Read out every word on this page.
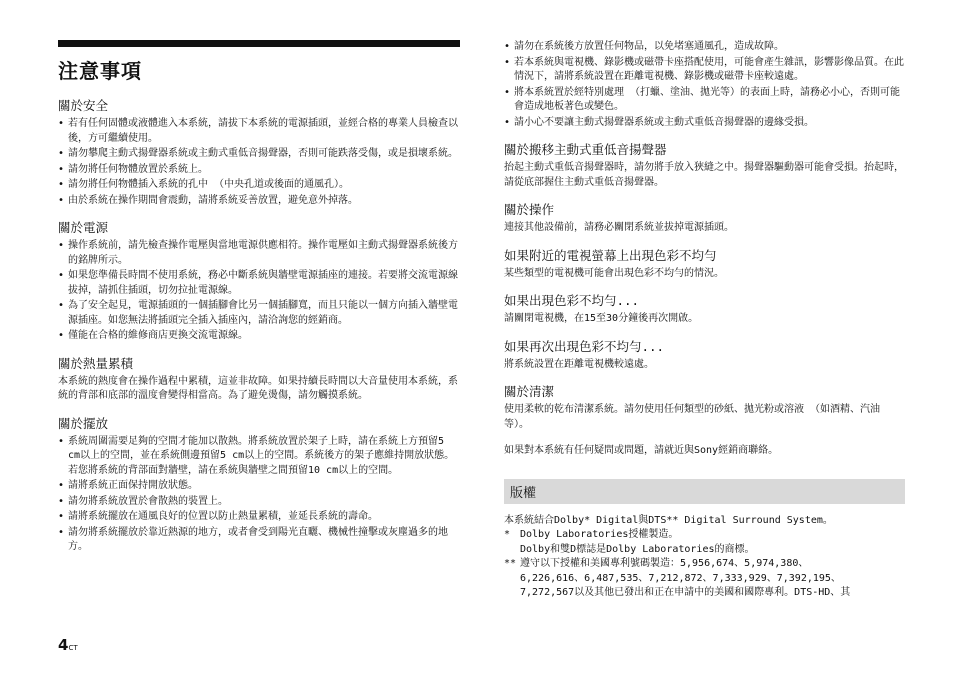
注意事項
關於安全
• 若有任何固體或液體進入本系統，請拔下本系統的電源插頭，並經合格的專業人員檢查以後，方可繼續使用。
• 請勿攀爬主動式揚聲器系統或主動式重低音揚聲器，否則可能跌落受傷，或是損壞系統。
• 請勿將任何物體放置於系統上。
• 請勿將任何物體插入系統的孔中 （中央孔道或後面的通風孔）。
• 由於系統在操作期間會震動，請將系統妥善放置，避免意外掉落。
關於電源
• 操作系統前，請先檢查操作電壓與當地電源供應相符。操作電壓如主動式揚聲器系統後方的銘牌所示。
• 如果您準備長時間不使用系統，務必中斷系統與牆壁電源插座的連接。若要將交流電源線拔掉，請抓住插頭，切勿拉扯電源線。
• 為了安全起見，電源插頭的一個插腳會比另一個插腳寬，而且只能以一個方向插入牆壁電源插座。如您無法將插頭完全插入插座內，請洽詢您的經銷商。
• 僅能在合格的維修商店更換交流電源線。
關於熱量累積

本系統的熱度會在操作過程中累積，這並非故障。如果持續長時間以大音量使用本系統，系統的背部和底部的溫度會變得相當高。為了避免燙傷，請勿觸摸系統。

關於擺放
• 系統周圍需要足夠的空間才能加以散熱。將系統放置於架子上時，請在系統上方預留5 cm以上的空間，並在系統側邊預留5 cm以上的空間。系統後方的架子應維持開放狀態。若您將系統的背部面對牆壁，請在系統與牆壁之間預留10 cm以上的空間。
• 請將系統正面保持開放狀態。
• 請勿將系統放置於會散熱的裝置上。
• 請將系統擺放在通風良好的位置以防止熱量累積，並延長系統的壽命。
• 請勿將系統擺放於靠近熱源的地方，或者會受到陽光直曬、機械性撞擊或灰塵過多的地方。
• 請勿在系統後方放置任何物品，以免堵塞通風孔，造成故障。
• 若本系統與電視機、錄影機或磁帶卡座搭配使用，可能會產生雜訊，影響影像品質。在此情況下，請將系統設置在距離電視機、錄影機或磁帶卡座較遠處。
• 將本系統置於經特別處理 （打蠟、塗油、拋光等）的表面上時，請務必小心，否則可能會造成地板著色或變色。
• 請小心不要讓主動式揚聲器系統或主動式重低音揚聲器的邊緣受損。
關於搬移主動式重低音揚聲器

抬起主動式重低音揚聲器時，請勿將手放入狹縫之中。揚聲器驅動器可能會受損。抬起時，請從底部握住主動式重低音揚聲器。

關於操作

連接其他設備前，請務必關閉系統並拔掉電源插頭。

如果附近的電視螢幕上出現色彩不均勻

某些類型的電視機可能會出現色彩不均勻的情況。

如果出現色彩不均勻...

請關閉電視機，在15至30分鐘後再次開啟。

如果再次出現色彩不均勻...

將系統設置在距離電視機較遠處。

關於清潔

使用柔軟的乾布清潔系統。請勿使用任何類型的砂紙、拋光粉或溶液 （如酒精、汽油等）。

如果對本系統有任何疑問或問題，請就近與Sony經銷商聯絡。

版權

本系統結合Dolby* Digital與DTS** Digital Surround System。

* Dolby Laboratories授權製造。
Dolby和雙D標誌是Dolby Laboratories的商標。
** 遵守以下授權和美國專利號碼製造：5,956,674、5,974,380、
6,226,616、6,487,535、7,212,872、7,333,929、7,392,195、
7,272,567以及其他已發出和正在申請中的美國和國際專利。DTS-HD、其
4CT
